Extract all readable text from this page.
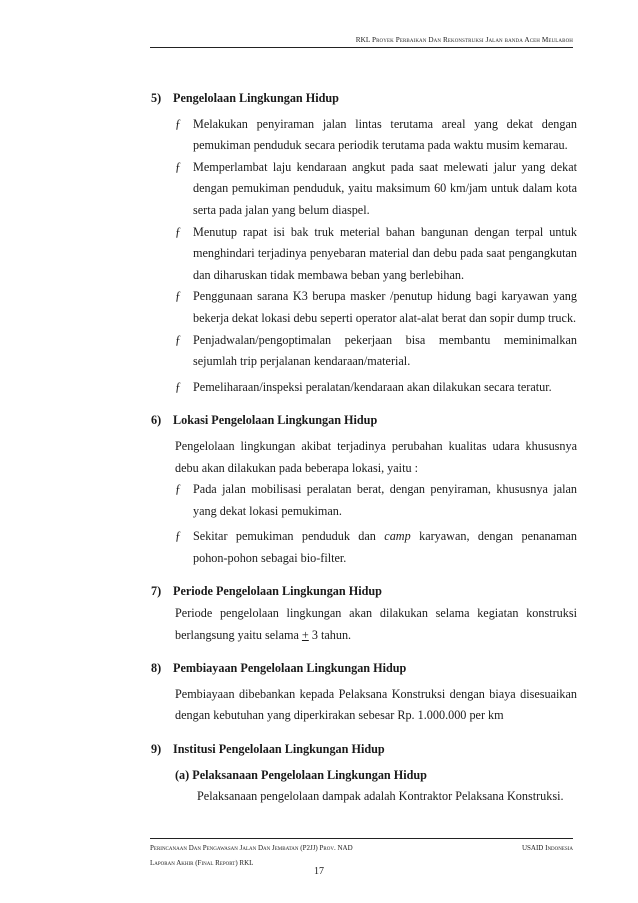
RKL Proyek Perbaikan Dan Rekonstruksi Jalan banda Aceh Meulaboh
5) Pengelolaan Lingkungan Hidup
ƒ Melakukan penyiraman jalan lintas terutama areal yang dekat dengan pemukiman penduduk secara periodik terutama pada waktu musim kemarau.
ƒ Memperlambat laju kendaraan angkut pada saat melewati jalur yang dekat dengan pemukiman penduduk, yaitu maksimum 60 km/jam untuk dalam kota serta pada jalan yang belum diaspel.
ƒ Menutup rapat isi bak truk meterial bahan bangunan dengan terpal untuk menghindari terjadinya penyebaran material dan debu pada saat pengangkutan dan diharuskan tidak membawa beban yang berlebihan.
ƒ Penggunaan sarana K3 berupa masker /penutup hidung bagi karyawan yang bekerja dekat lokasi debu seperti operator alat-alat berat dan sopir dump truck.
ƒ Penjadwalan/pengoptimalan pekerjaan bisa membantu meminimalkan sejumlah trip perjalanan kendaraan/material.
ƒ Pemeliharaan/inspeksi peralatan/kendaraan akan dilakukan secara teratur.
6) Lokasi Pengelolaan Lingkungan Hidup
Pengelolaan lingkungan akibat terjadinya perubahan kualitas udara khususnya debu akan dilakukan pada beberapa lokasi, yaitu :
ƒ Pada jalan mobilisasi peralatan berat, dengan penyiraman, khususnya jalan yang dekat lokasi pemukiman.
ƒ Sekitar pemukiman penduduk dan camp karyawan, dengan penanaman pohon-pohon sebagai bio-filter.
7) Periode Pengelolaan Lingkungan Hidup
Periode pengelolaan lingkungan akan dilakukan selama kegiatan konstruksi berlangsung yaitu selama + 3 tahun.
8) Pembiayaan Pengelolaan Lingkungan Hidup
Pembiayaan dibebankan kepada Pelaksana Konstruksi dengan biaya disesuaikan dengan kebutuhan yang diperkirakan sebesar Rp. 1.000.000 per km
9) Institusi Pengelolaan Lingkungan Hidup
(a) Pelaksanaan Pengelolaan Lingkungan Hidup
Pelaksanaan pengelolaan dampak adalah Kontraktor Pelaksana Konstruksi.
Perincanaan Dan Pengawasan Jalan Dan Jembatan (P2JJ) Prov. NAD	USAID Indonesia
Laporan Akhir (Final Report) RKL
17
